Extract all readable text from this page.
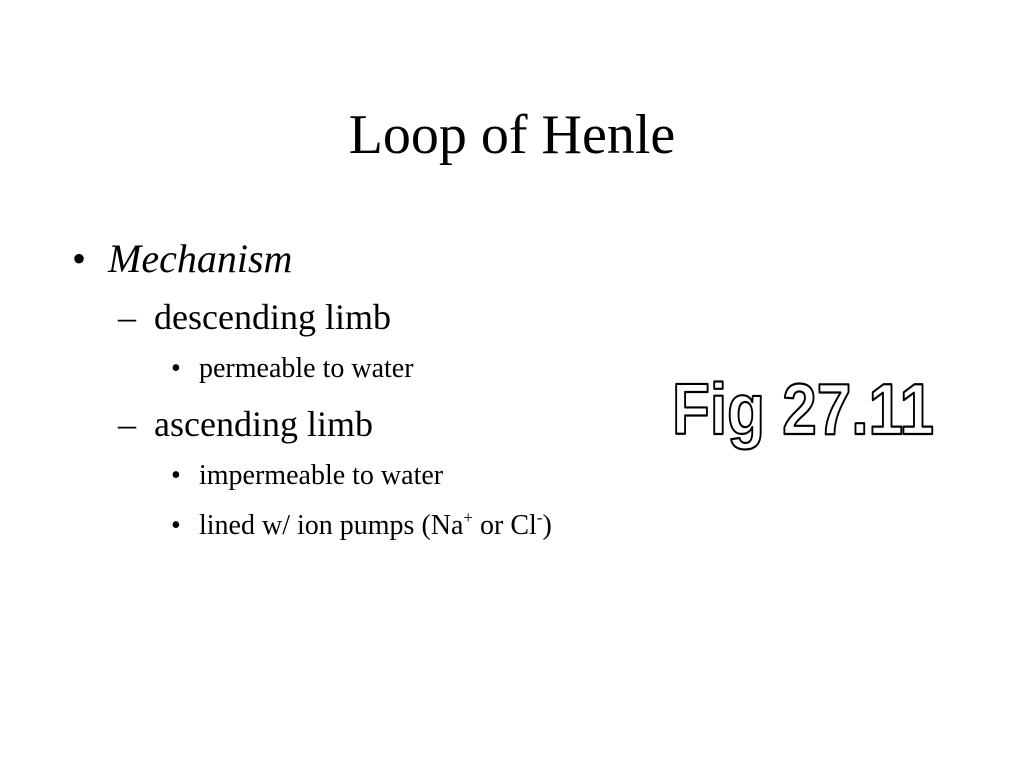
Loop of Henle
• Mechanism
– descending limb
• permeable to water
– ascending limb
• impermeable to water
• lined w/ ion pumps (Na+ or Cl-)
Fig 27.11
